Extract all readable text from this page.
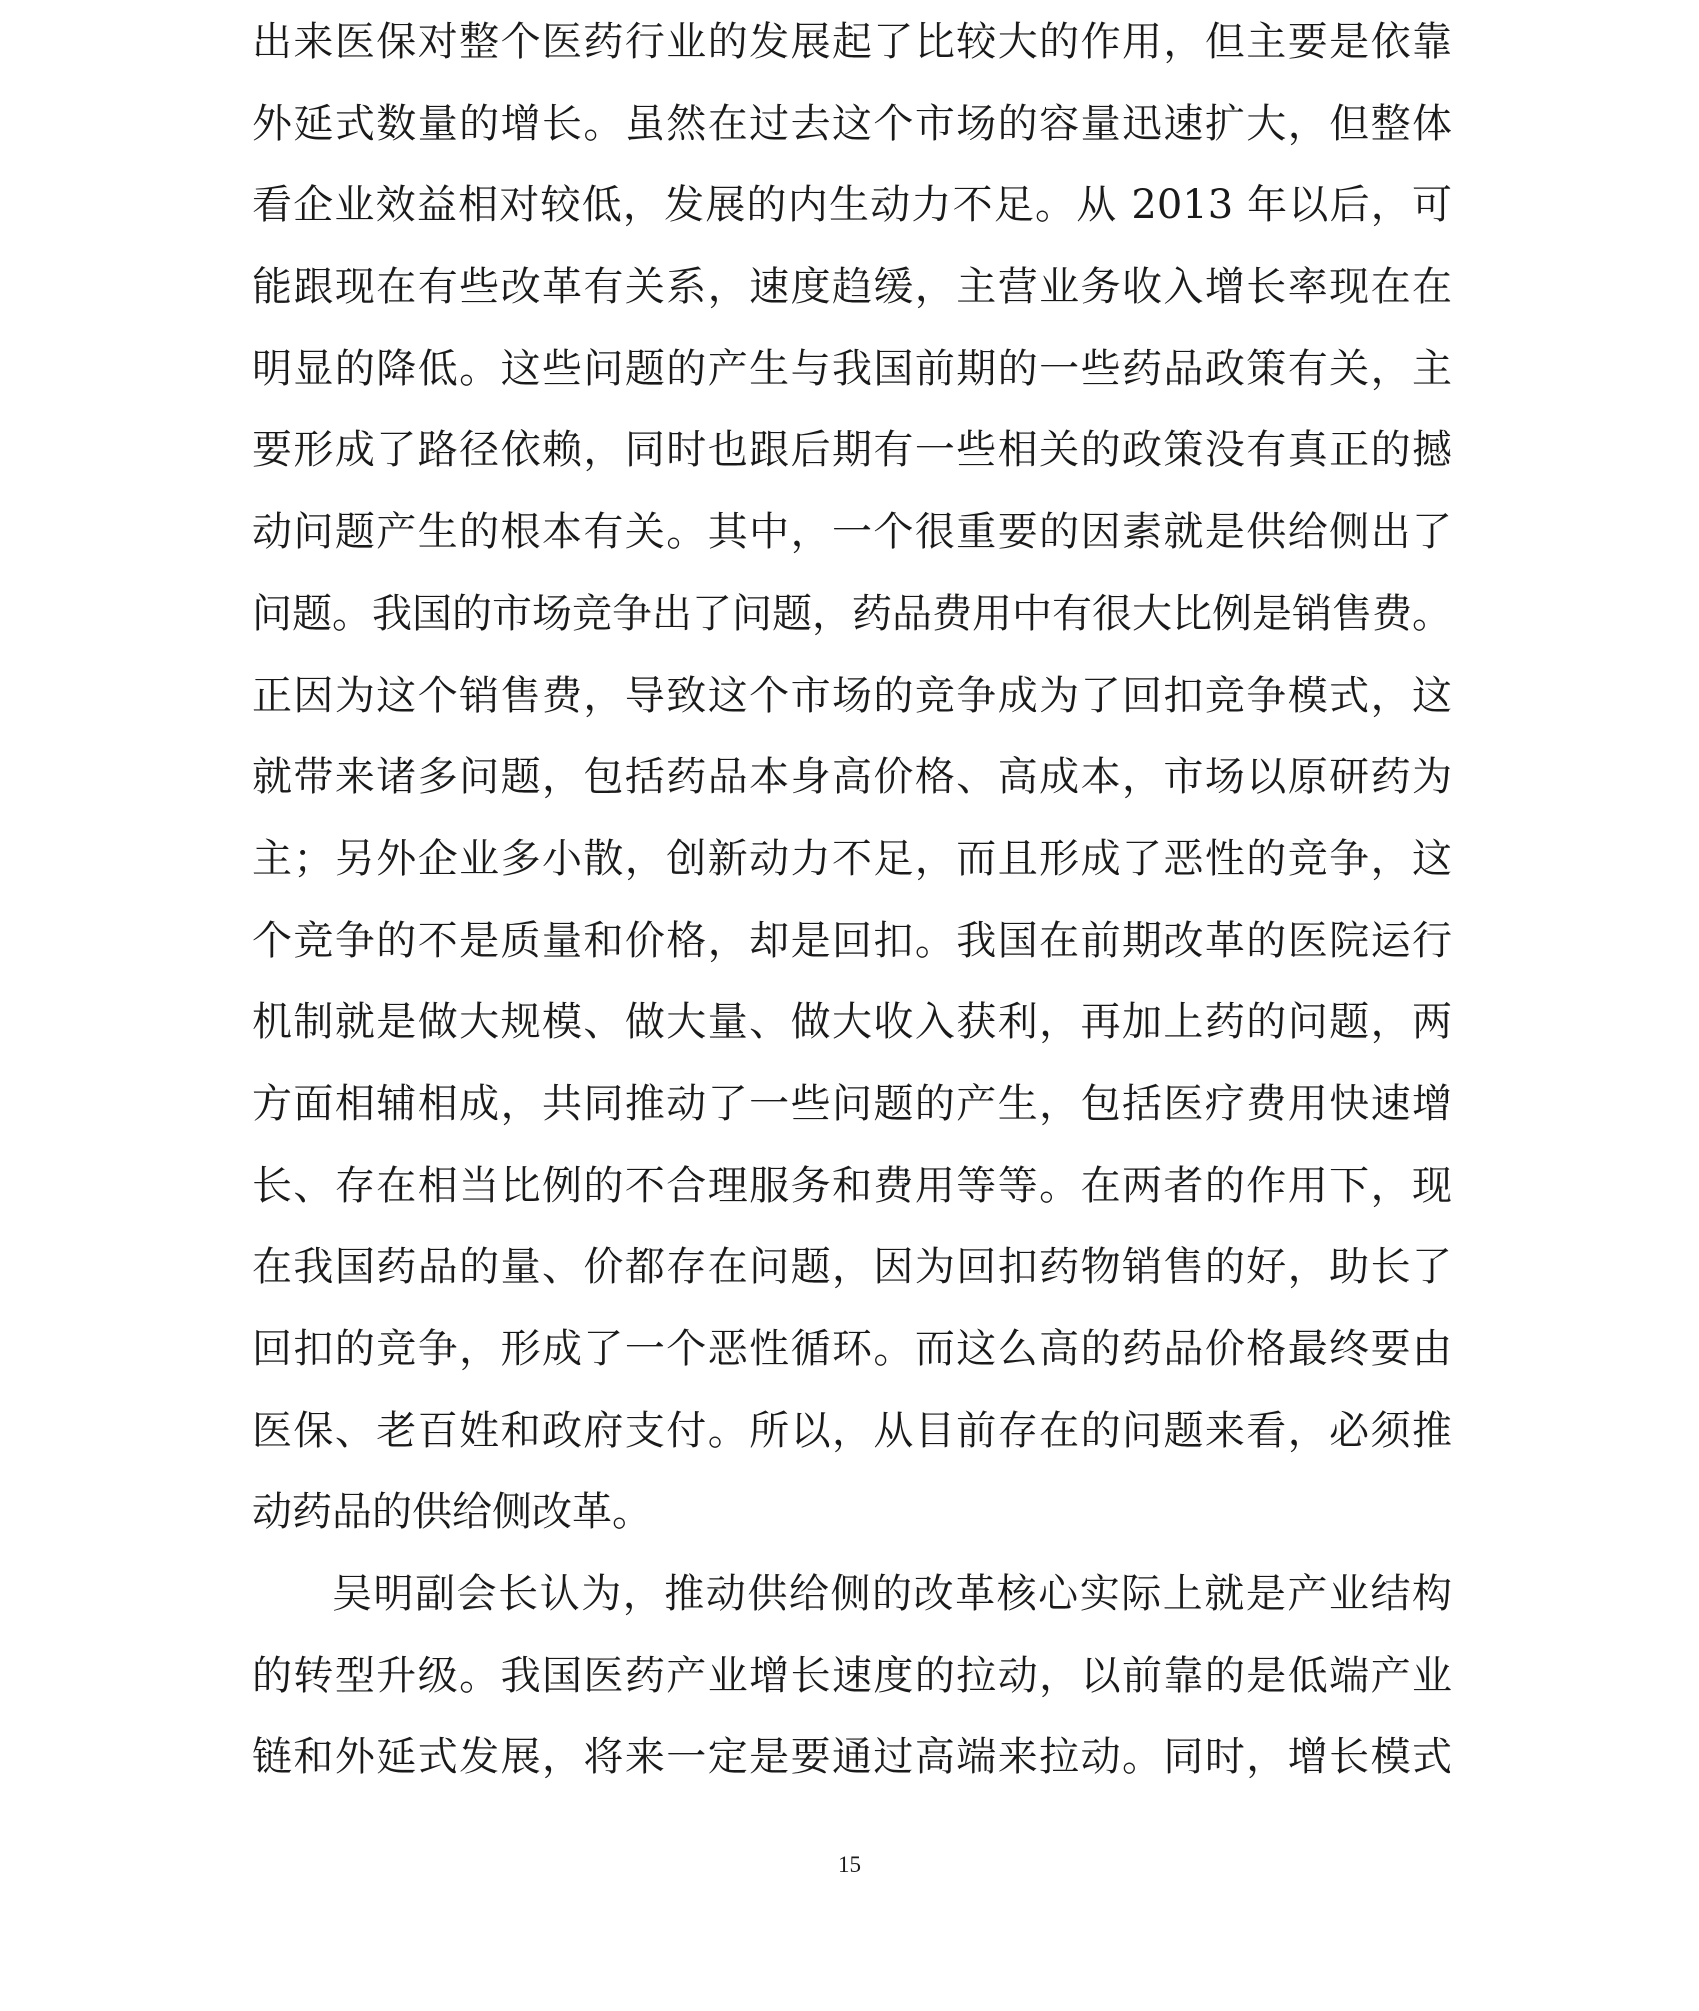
出来医保对整个医药行业的发展起了比较大的作用，但主要是依靠
外延式数量的增长。虽然在过去这个市场的容量迅速扩大，但整体
看企业效益相对较低，发展的内生动力不足。从 2013 年以后，可
能跟现在有些改革有关系，速度趋缓，主营业务收入增长率现在在
明显的降低。这些问题的产生与我国前期的一些药品政策有关，主
要形成了路径依赖，同时也跟后期有一些相关的政策没有真正的撼
动问题产生的根本有关。其中，一个很重要的因素就是供给侧出了
问题。我国的市场竞争出了问题，药品费用中有很大比例是销售费。
正因为这个销售费，导致这个市场的竞争成为了回扣竞争模式，这
就带来诸多问题，包括药品本身高价格、高成本，市场以原研药为
主；另外企业多小散，创新动力不足，而且形成了恶性的竞争，这
个竞争的不是质量和价格，却是回扣。我国在前期改革的医院运行
机制就是做大规模、做大量、做大收入获利，再加上药的问题，两
方面相辅相成，共同推动了一些问题的产生，包括医疗费用快速增
长、存在相当比例的不合理服务和费用等等。在两者的作用下，现
在我国药品的量、价都存在问题，因为回扣药物销售的好，助长了
回扣的竞争，形成了一个恶性循环。而这么高的药品价格最终要由
医保、老百姓和政府支付。所以，从目前存在的问题来看，必须推
动药品的供给侧改革。
吴明副会长认为，推动供给侧的改革核心实际上就是产业结构
的转型升级。我国医药产业增长速度的拉动，以前靠的是低端产业
链和外延式发展，将来一定是要通过高端来拉动。同时，增长模式
15
